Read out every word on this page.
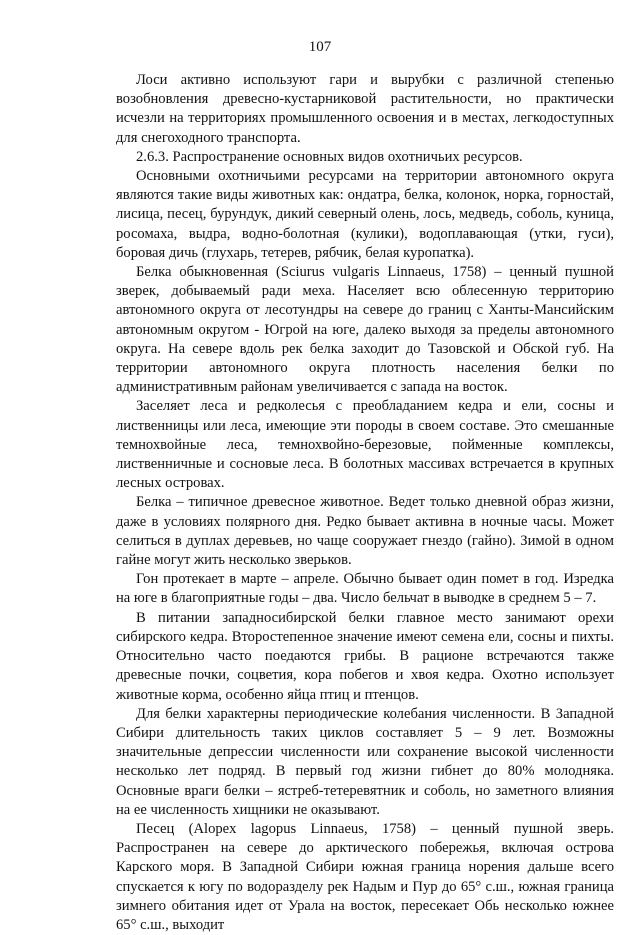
107

Лоси активно используют гари и вырубки с различной степенью возобновления древесно-кустарниковой растительности, но практически исчезли на территориях промышленного освоения и в местах, легкодоступных для снегоходного транспорта.

2.6.3. Распространение основных видов охотничьих ресурсов.

Основными охотничьими ресурсами на территории автономного округа являются такие виды животных как: ондатра, белка, колонок, норка, горностай, лисица, песец, бурундук, дикий северный олень, лось, медведь, соболь, куница, росомаха, выдра, водно-болотная (кулики), водоплавающая (утки, гуси), боровая дичь (глухарь, тетерев, рябчик, белая куропатка).

Белка обыкновенная (Sciurus vulgaris Linnaeus, 1758) – ценный пушной зверек, добываемый ради меха. Населяет всю облесенную территорию автономного округа от лесотундры на севере до границ с Ханты-Мансийским автономным округом - Югрой на юге, далеко выходя за пределы автономного округа. На севере вдоль рек белка заходит до Тазовской и Обской губ. На территории автономного округа плотность населения белки по административным районам увеличивается с запада на восток.

Заселяет леса и редколесья с преобладанием кедра и ели, сосны и лиственницы или леса, имеющие эти породы в своем составе. Это смешанные темнохвойные леса, темнохвойно-березовые, пойменные комплексы, лиственничные и сосновые леса. В болотных массивах встречается в крупных лесных островах.

Белка – типичное древесное животное. Ведет только дневной образ жизни, даже в условиях полярного дня. Редко бывает активна в ночные часы. Может селиться в дуплах деревьев, но чаще сооружает гнездо (гайно). Зимой в одном гайне могут жить несколько зверьков.

Гон протекает в марте – апреле. Обычно бывает один помет в год. Изредка на юге в благоприятные годы – два. Число бельчат в выводке в среднем 5 – 7.

В питании западносибирской белки главное место занимают орехи сибирского кедра. Второстепенное значение имеют семена ели, сосны и пихты. Относительно часто поедаются грибы. В рационе встречаются также древесные почки, соцветия, кора побегов и хвоя кедра. Охотно использует животные корма, особенно яйца птиц и птенцов.

Для белки характерны периодические колебания численности. В Западной Сибири длительность таких циклов составляет 5 – 9 лет. Возможны значительные депрессии численности или сохранение высокой численности несколько лет подряд. В первый год жизни гибнет до 80% молодняка. Основные враги белки – ястреб-тетеревятник и соболь, но заметного влияния на ее численность хищники не оказывают.

Песец (Alopex lagopus Linnaeus, 1758) – ценный пушной зверь. Распространен на севере до арктического побережья, включая острова Карского моря. В Западной Сибири южная граница норения дальше всего спускается к югу по водоразделу рек Надым и Пур до 65° с.ш., южная граница зимнего обитания идет от Урала на восток, пересекает Обь несколько южнее 65° с.ш., выходит
